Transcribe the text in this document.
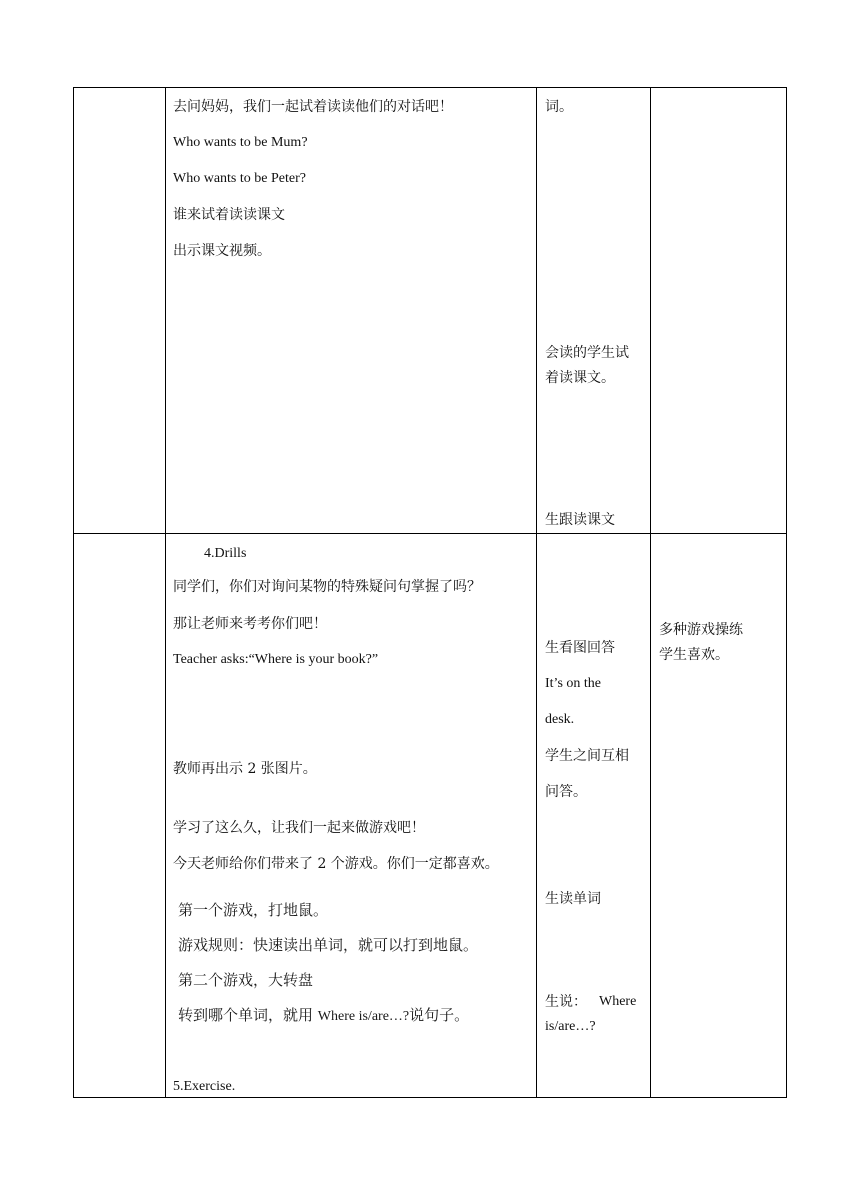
去问妈妈，我们一起试着读读他们的对话吧！
Who wants to be Mum?
Who wants to be Peter?
谁来试着读读课文
出示课文视频。
词。
会读的学生试
着读课文。
生跟读课文
4.Drills
同学们，你们对询问某物的特殊疑问句掌握了吗？
那让老师来考考你们吧！
Teacher asks:“Where is your book?”
教师再出示 2 张图片。
学习了这么久，让我们一起来做游戏吧！
今天老师给你们带来了 2 个游戏。你们一定都喜欢。
第一个游戏，打地鼠。
游戏规则：快速读出单词，就可以打到地鼠。
第二个游戏，大转盘
转到哪个单词，就用 Where is/are…?说句子。
5.Exercise.
生看图回答
It’s on the
desk.
学生之间互相
问答。
生读单词
生说： Where
is/are…?
多种游戏操练
学生喜欢。
